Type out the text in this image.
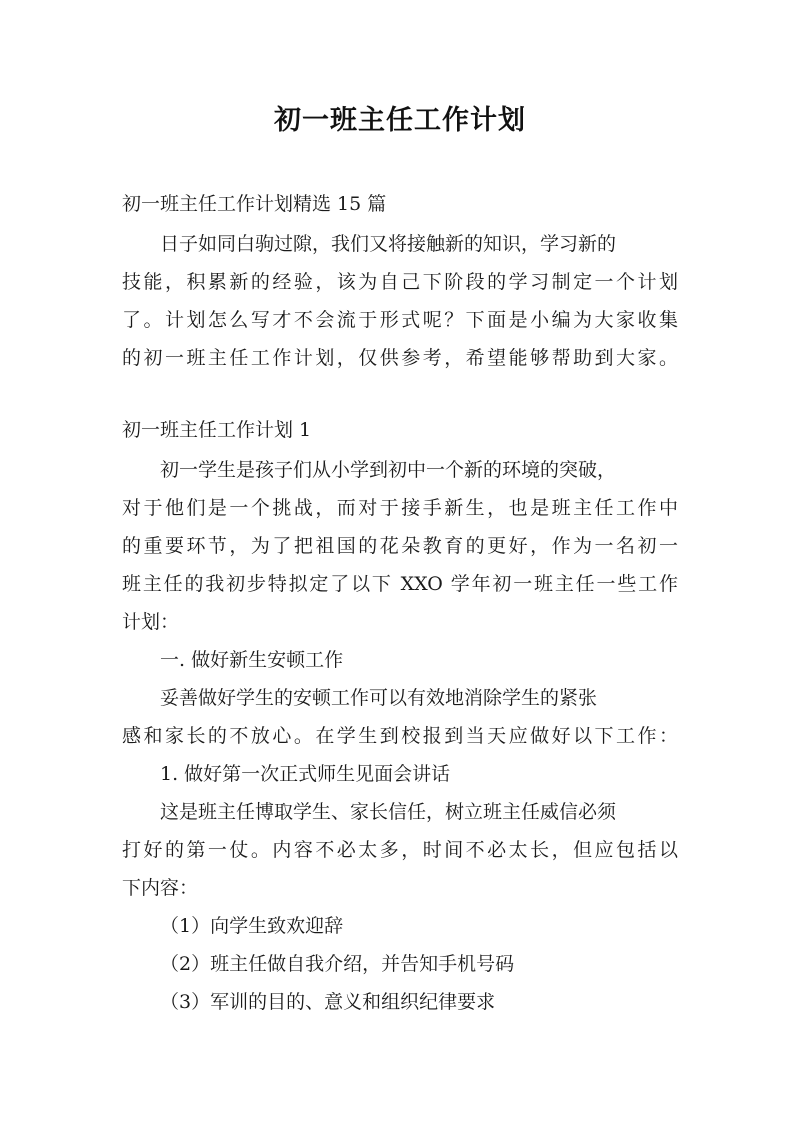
初一班主任工作计划
初一班主任工作计划精选 15 篇
日子如同白驹过隙，我们又将接触新的知识，学习新的
技能，积累新的经验，该为自己下阶段的学习制定一个计划
了。计划怎么写才不会流于形式呢？下面是小编为大家收集
的初一班主任工作计划，仅供参考，希望能够帮助到大家。
初一班主任工作计划 1
初一学生是孩子们从小学到初中一个新的环境的突破，
对于他们是一个挑战，而对于接手新生，也是班主任工作中
的重要环节，为了把祖国的花朵教育的更好，作为一名初一
班主任的我初步特拟定了以下 XXO 学年初一班主任一些工作
计划：
一. 做好新生安顿工作
妥善做好学生的安顿工作可以有效地消除学生的紧张
感和家长的不放心。在学生到校报到当天应做好以下工作：
1. 做好第一次正式师生见面会讲话
这是班主任博取学生、家长信任，树立班主任威信必须
打好的第一仗。内容不必太多，时间不必太长，但应包括以
下内容：
（1）向学生致欢迎辞
（2）班主任做自我介绍，并告知手机号码
（3）军训的目的、意义和组织纪律要求
